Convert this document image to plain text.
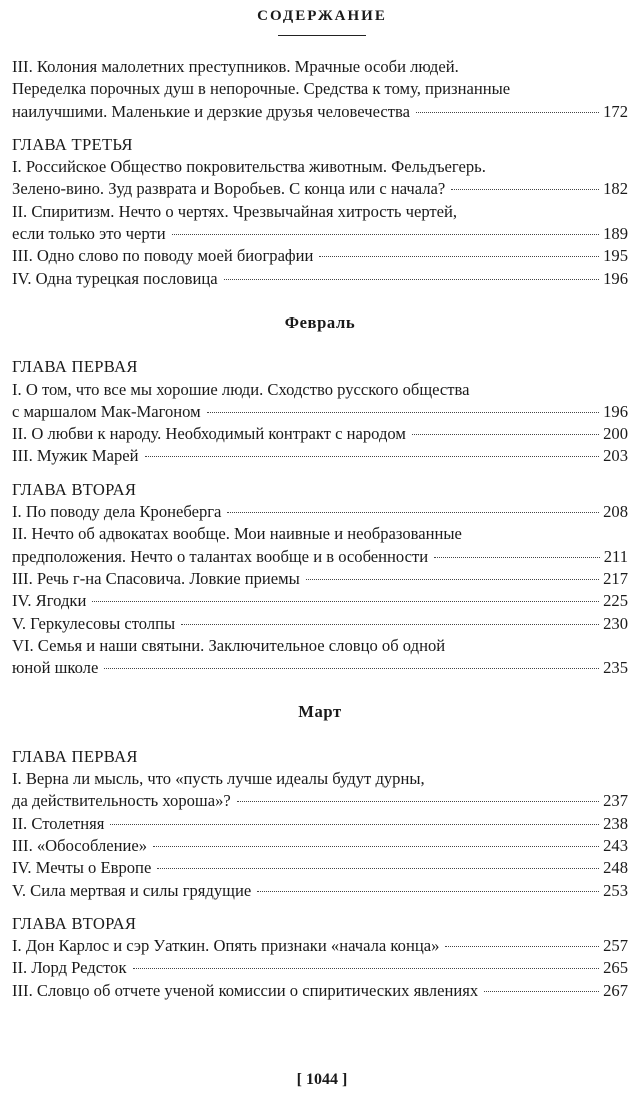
СОДЕРЖАНИЕ
III. Колония малолетних преступников. Мрачные особи людей.
Переделка порочных душ в непорочные. Средства к тому, признанные
наилучшими. Маленькие и дерзкие друзья человечества	172
ГЛАВА ТРЕТЬЯ
I. Российское Общество покровительства животным. Фельдъегерь.
Зелено-вино. Зуд разврата и Воробьев. С конца или с начала?	182
II. Спиритизм. Нечто о чертях. Чрезвычайная хитрость чертей,
если только это черти	189
III. Одно слово по поводу моей биографии	195
IV. Одна турецкая пословица	196
Февраль
ГЛАВА ПЕРВАЯ
I. О том, что все мы хорошие люди. Сходство русского общества
с маршалом Мак-Магоном	196
II. О любви к народу. Необходимый контракт с народом	200
III. Мужик Марей	203
ГЛАВА ВТОРАЯ
I. По поводу дела Кронеберга	208
II. Нечто об адвокатах вообще. Мои наивные и необразованные
предположения. Нечто о талантах вообще и в особенности	211
III. Речь г-на Спасовича. Ловкие приемы	217
IV. Ягодки	225
V. Геркулесовы столпы	230
VI. Семья и наши святыни. Заключительное словцо об одной
юной школе	235
Март
ГЛАВА ПЕРВАЯ
I. Верна ли мысль, что «пусть лучше идеалы будут дурны,
да действительность хороша»?	237
II. Столетняя	238
III. «Обособление»	243
IV. Мечты о Европе	248
V. Сила мертвая и силы грядущие	253
ГЛАВА ВТОРАЯ
I. Дон Карлос и сэр Уаткин. Опять признаки «начала конца»	257
II. Лорд Редсток	265
III. Словцо об отчете ученой комиссии о спиритических явлениях	267
[ 1044 ]
